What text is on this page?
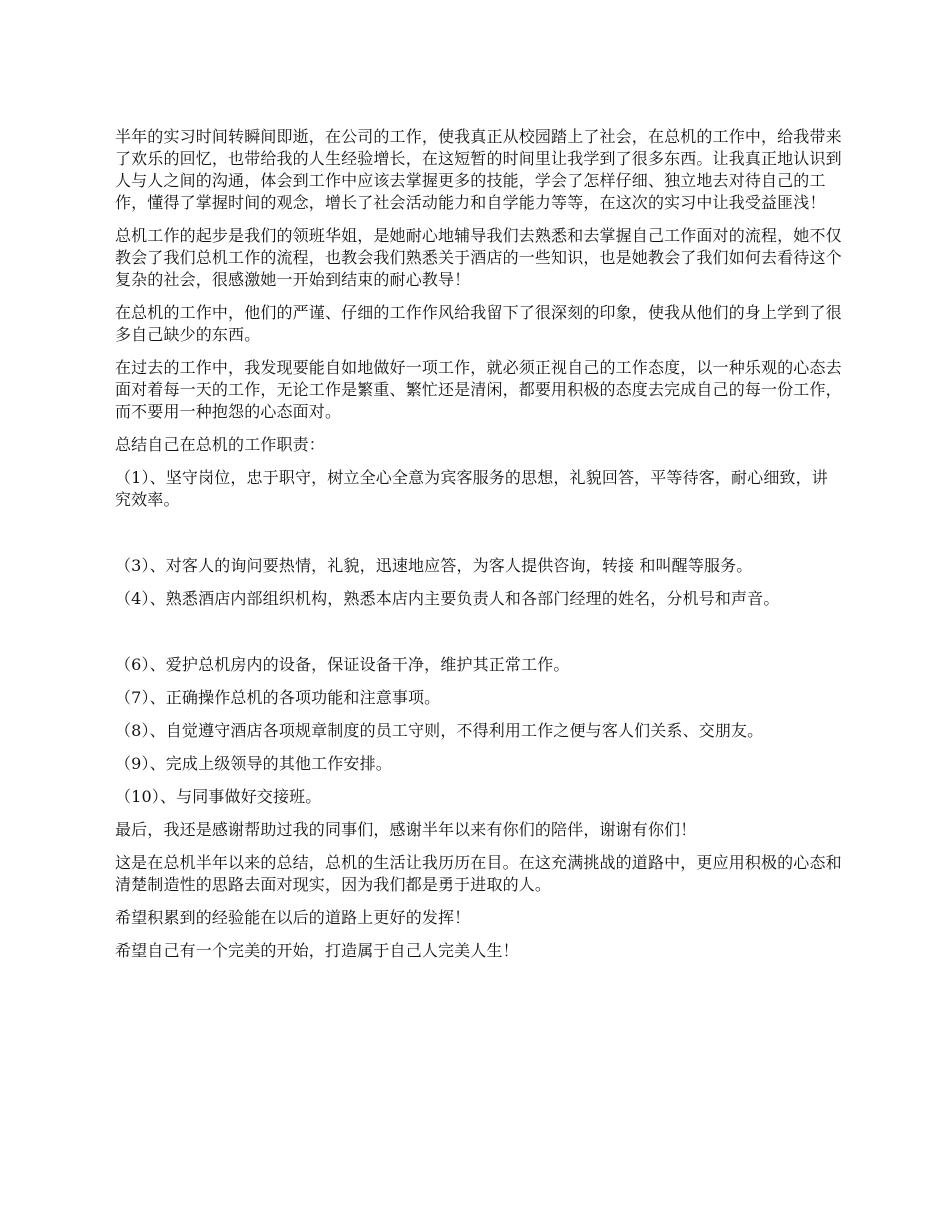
半年的实习时间转瞬间即逝，在公司的工作，使我真正从校园踏上了社会，在总机的工作中，给我带来了欢乐的回忆，也带给我的人生经验增长，在这短暂的时间里让我学到了很多东西。让我真正地认识到人与人之间的沟通，体会到工作中应该去掌握更多的技能，学会了怎样仔细、独立地去对待自己的工作，懂得了掌握时间的观念，增长了社会活动能力和自学能力等等，在这次的实习中让我受益匪浅！

总机工作的起步是我们的领班华姐，是她耐心地辅导我们去熟悉和去掌握自己工作面对的流程，她不仅教会了我们总机工作的流程，也教会我们熟悉关于酒店的一些知识，也是她教会了我们如何去看待这个复杂的社会，很感激她一开始到结束的耐心教导！

在总机的工作中，他们的严谨、仔细的工作作风给我留下了很深刻的印象，使我从他们的身上学到了很多自己缺少的东西。

在过去的工作中，我发现要能自如地做好一项工作，就必须正视自己的工作态度，以一种乐观的心态去面对着每一天的工作，无论工作是繁重、繁忙还是清闲，都要用积极的态度去完成自己的每一份工作，而不要用一种抱怨的心态面对。

总结自己在总机的工作职责：

（1）、坚守岗位，忠于职守，树立全心全意为宾客服务的思想，礼貌回答，平等待客，耐心细致，讲究效率。

（3）、对客人的询问要热情，礼貌，迅速地应答，为客人提供咨询，转接 和叫醒等服务。

（4）、熟悉酒店内部组织机构，熟悉本店内主要负责人和各部门经理的姓名，分机号和声音。

（6）、爱护总机房内的设备，保证设备干净，维护其正常工作。

（7）、正确操作总机的各项功能和注意事项。

（8）、自觉遵守酒店各项规章制度的员工守则，不得利用工作之便与客人们关系、交朋友。

（9）、完成上级领导的其他工作安排。

（10）、与同事做好交接班。

最后，我还是感谢帮助过我的同事们，感谢半年以来有你们的陪伴，谢谢有你们！

这是在总机半年以来的总结，总机的生活让我历历在目。在这充满挑战的道路中，更应用积极的心态和清楚制造性的思路去面对现实，因为我们都是勇于进取的人。

希望积累到的经验能在以后的道路上更好的发挥！

希望自己有一个完美的开始，打造属于自己人完美人生！
